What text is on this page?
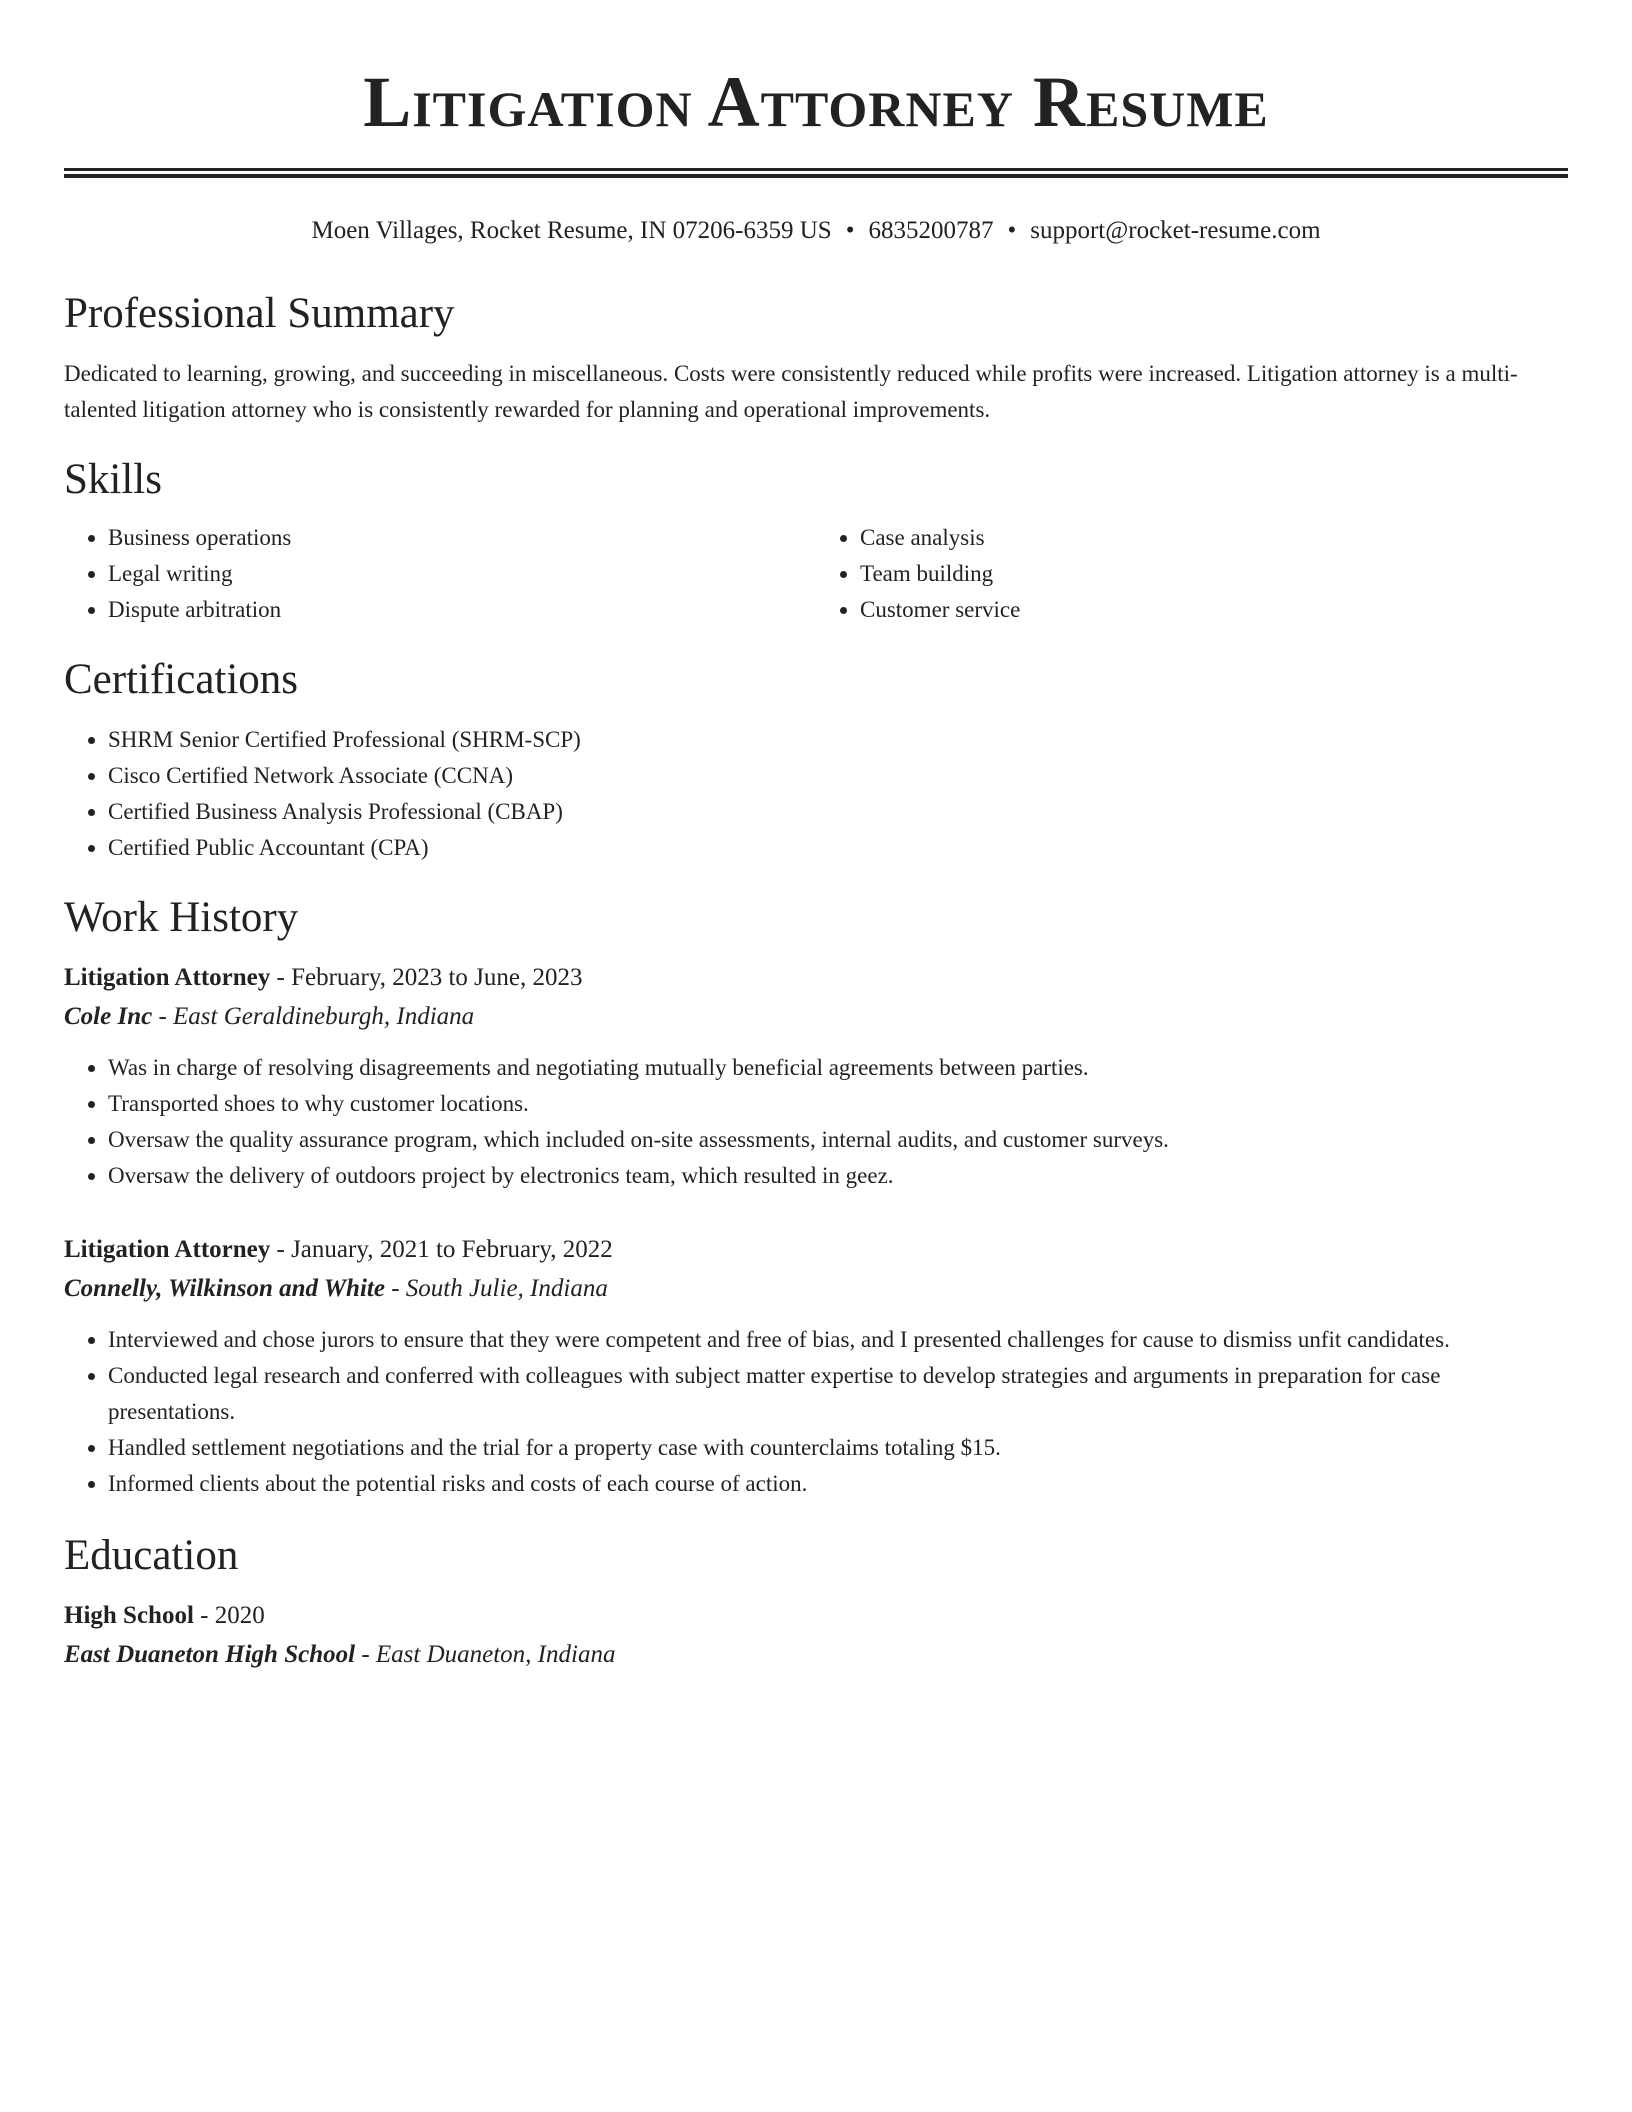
Litigation Attorney Resume
Moen Villages, Rocket Resume, IN 07206-6359 US • 6835200787 • support@rocket-resume.com
Professional Summary

Dedicated to learning, growing, and succeeding in miscellaneous. Costs were consistently reduced while profits were increased. Litigation attorney is a multi-talented litigation attorney who is consistently rewarded for planning and operational improvements.

Skills
• Business operations
• Legal writing
• Dispute arbitration
• Case analysis
• Team building
• Customer service
Certifications
• SHRM Senior Certified Professional (SHRM-SCP)
• Cisco Certified Network Associate (CCNA)
• Certified Business Analysis Professional (CBAP)
• Certified Public Accountant (CPA)
Work History
Litigation Attorney - February, 2023 to June, 2023
Cole Inc - East Geraldineburgh, Indiana
• Was in charge of resolving disagreements and negotiating mutually beneficial agreements between parties.
• Transported shoes to why customer locations.
• Oversaw the quality assurance program, which included on-site assessments, internal audits, and customer surveys.
• Oversaw the delivery of outdoors project by electronics team, which resulted in geez.
Litigation Attorney - January, 2021 to February, 2022
Connelly, Wilkinson and White - South Julie, Indiana
• Interviewed and chose jurors to ensure that they were competent and free of bias, and I presented challenges for cause to dismiss unfit candidates.
• Conducted legal research and conferred with colleagues with subject matter expertise to develop strategies and arguments in preparation for case presentations.
• Handled settlement negotiations and the trial for a property case with counterclaims totaling $15.
• Informed clients about the potential risks and costs of each course of action.
Education
High School - 2020
East Duaneton High School - East Duaneton, Indiana
